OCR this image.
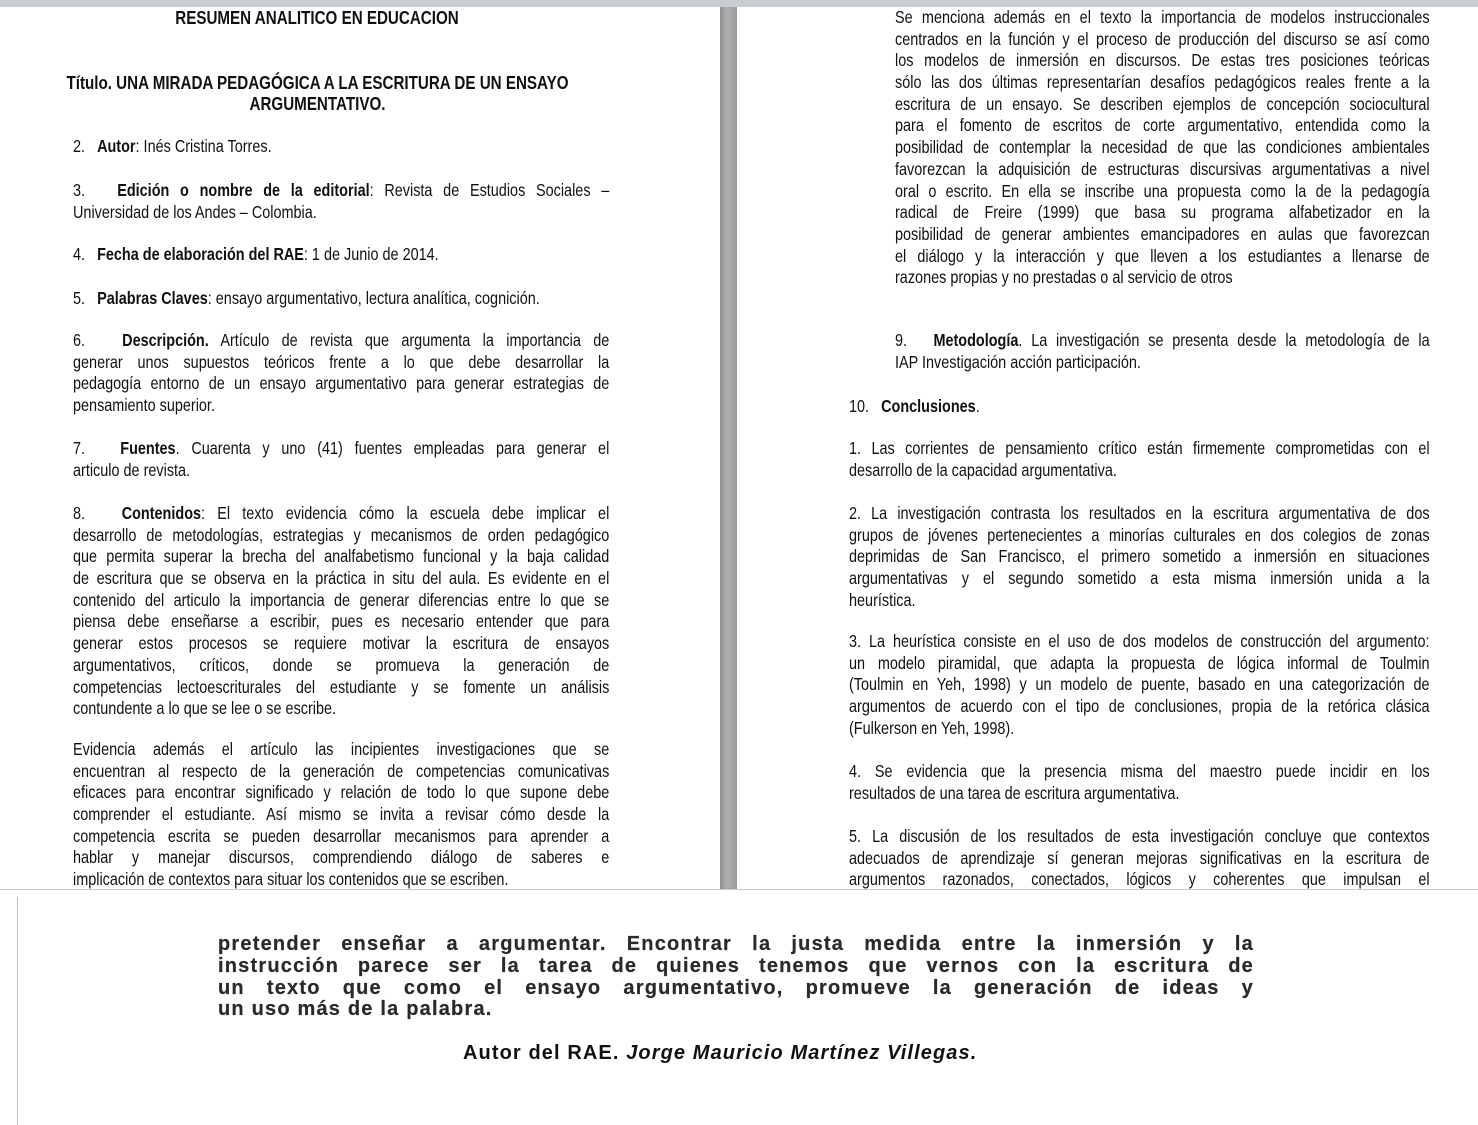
RESUMEN ANALITICO EN EDUCACION
Título. UNA MIRADA PEDAGÓGICA A LA ESCRITURA DE UN ENSAYO
ARGUMENTATIVO.
2. Autor: Inés Cristina Torres.
3. Edición o nombre de la editorial: Revista de Estudios Sociales –
Universidad de los Andes – Colombia.
4. Fecha de elaboración del RAE: 1 de Junio de 2014.
5. Palabras Claves: ensayo argumentativo, lectura analítica, cognición.
6. Descripción. Artículo de revista que argumenta la importancia de
generar unos supuestos teóricos frente a lo que debe desarrollar la
pedagogía entorno de un ensayo argumentativo para generar estrategias de
pensamiento superior.
7. Fuentes. Cuarenta y uno (41) fuentes empleadas para generar el
articulo de revista.
8. Contenidos: El texto evidencia cómo la escuela debe implicar el
desarrollo de metodologías, estrategias y mecanismos de orden pedagógico
que permita superar la brecha del analfabetismo funcional y la baja calidad
de escritura que se observa en la práctica in situ del aula. Es evidente en el
contenido del articulo la importancia de generar diferencias entre lo que se
piensa debe enseñarse a escribir, pues es necesario entender que para
generar estos procesos se requiere motivar la escritura de ensayos
argumentativos, críticos, donde se promueva la generación de
competencias lectoescriturales del estudiante y se fomente un análisis
contundente a lo que se lee o se escribe.
Evidencia además el artículo las incipientes investigaciones que se
encuentran al respecto de la generación de competencias comunicativas
eficaces para encontrar significado y relación de todo lo que supone debe
comprender el estudiante. Así mismo se invita a revisar cómo desde la
competencia escrita se pueden desarrollar mecanismos para aprender a
hablar y manejar discursos, comprendiendo diálogo de saberes e
implicación de contextos para situar los contenidos que se escriben.
Se menciona además en el texto la importancia de modelos instruccionales
centrados en la función y el proceso de producción del discurso se así como
los modelos de inmersión en discursos. De estas tres posiciones teóricas
sólo las dos últimas representarían desafíos pedagógicos reales frente a la
escritura de un ensayo. Se describen ejemplos de concepción sociocultural
para el fomento de escritos de corte argumentativo, entendida como la
posibilidad de contemplar la necesidad de que las condiciones ambientales
favorezcan la adquisición de estructuras discursivas argumentativas a nivel
oral o escrito. En ella se inscribe una propuesta como la de la pedagogía
radical de Freire (1999) que basa su programa alfabetizador en la
posibilidad de generar ambientes emancipadores en aulas que favorezcan
el diálogo y la interacción y que lleven a los estudiantes a llenarse de
razones propias y no prestadas o al servicio de otros
9. Metodología. La investigación se presenta desde la metodología de la
IAP Investigación acción participación.
10. Conclusiones.
1. Las corrientes de pensamiento crítico están firmemente comprometidas con el
desarrollo de la capacidad argumentativa.
2. La investigación contrasta los resultados en la escritura argumentativa de dos
grupos de jóvenes pertenecientes a minorías culturales en dos colegios de zonas
deprimidas de San Francisco, el primero sometido a inmersión en situaciones
argumentativas y el segundo sometido a esta misma inmersión unida a la
heurística.
3. La heurística consiste en el uso de dos modelos de construcción del argumento:
un modelo piramidal, que adapta la propuesta de lógica informal de Toulmin
(Toulmin en Yeh, 1998) y un modelo de puente, basado en una categorización de
argumentos de acuerdo con el tipo de conclusiones, propia de la retórica clásica
(Fulkerson en Yeh, 1998).
4. Se evidencia que la presencia misma del maestro puede incidir en los
resultados de una tarea de escritura argumentativa.
5. La discusión de los resultados de esta investigación concluye que contextos
adecuados de aprendizaje sí generan mejoras significativas en la escritura de
argumentos razonados, conectados, lógicos y coherentes que impulsan el
pretender enseñar a argumentar. Encontrar la justa medida entre la inmersión y la
instrucción parece ser la tarea de quienes tenemos que vernos con la escritura de
un texto que como el ensayo argumentativo, promueve la generación de ideas y
un uso más de la palabra.
Autor del RAE. Jorge Mauricio Martínez Villegas.
